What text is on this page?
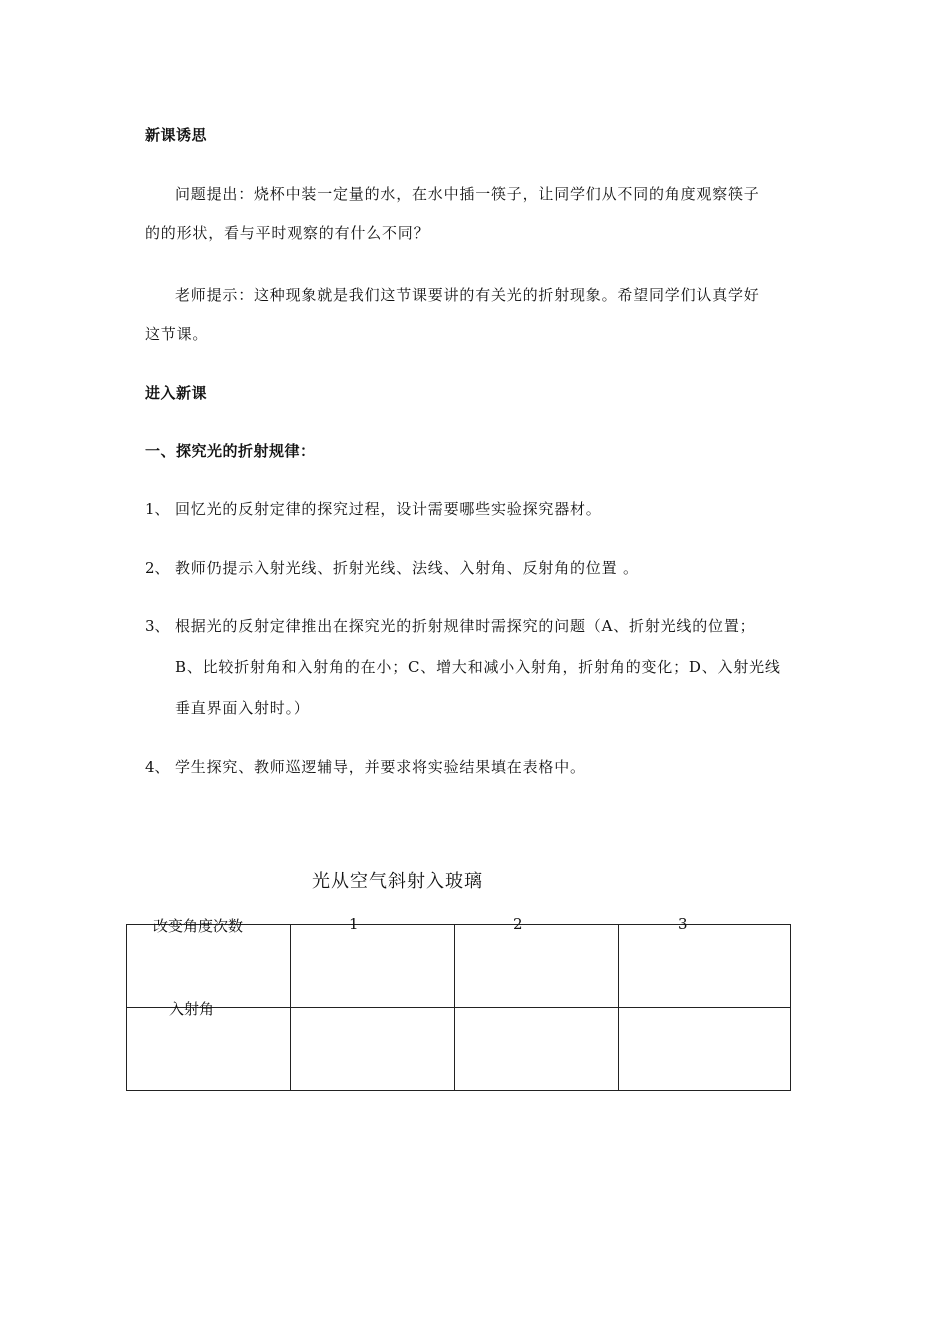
新课诱思
问题提出：烧杯中装一定量的水，在水中插一筷子，让同学们从不同的角度观察筷子
的的形状，看与平时观察的有什么不同？
老师提示：这种现象就是我们这节课要讲的有关光的折射现象。希望同学们认真学好
这节课。
进入新课
一、探究光的折射规律：
1、 回忆光的反射定律的探究过程，设计需要哪些实验探究器材。
2、 教师仍提示入射光线、折射光线、法线、入射角、反射角的位置 。
3、 根据光的反射定律推出在探究光的折射规律时需探究的问题（A、折射光线的位置；
B、比较折射角和入射角的在小；C、增大和减小入射角，折射角的变化；D、入射光线
垂直界面入射时。）
4、 学生探究、教师巡逻辅导，并要求将实验结果填在表格中。
光从空气斜射入玻璃
改变角度次数	1	2	3

入射角			
